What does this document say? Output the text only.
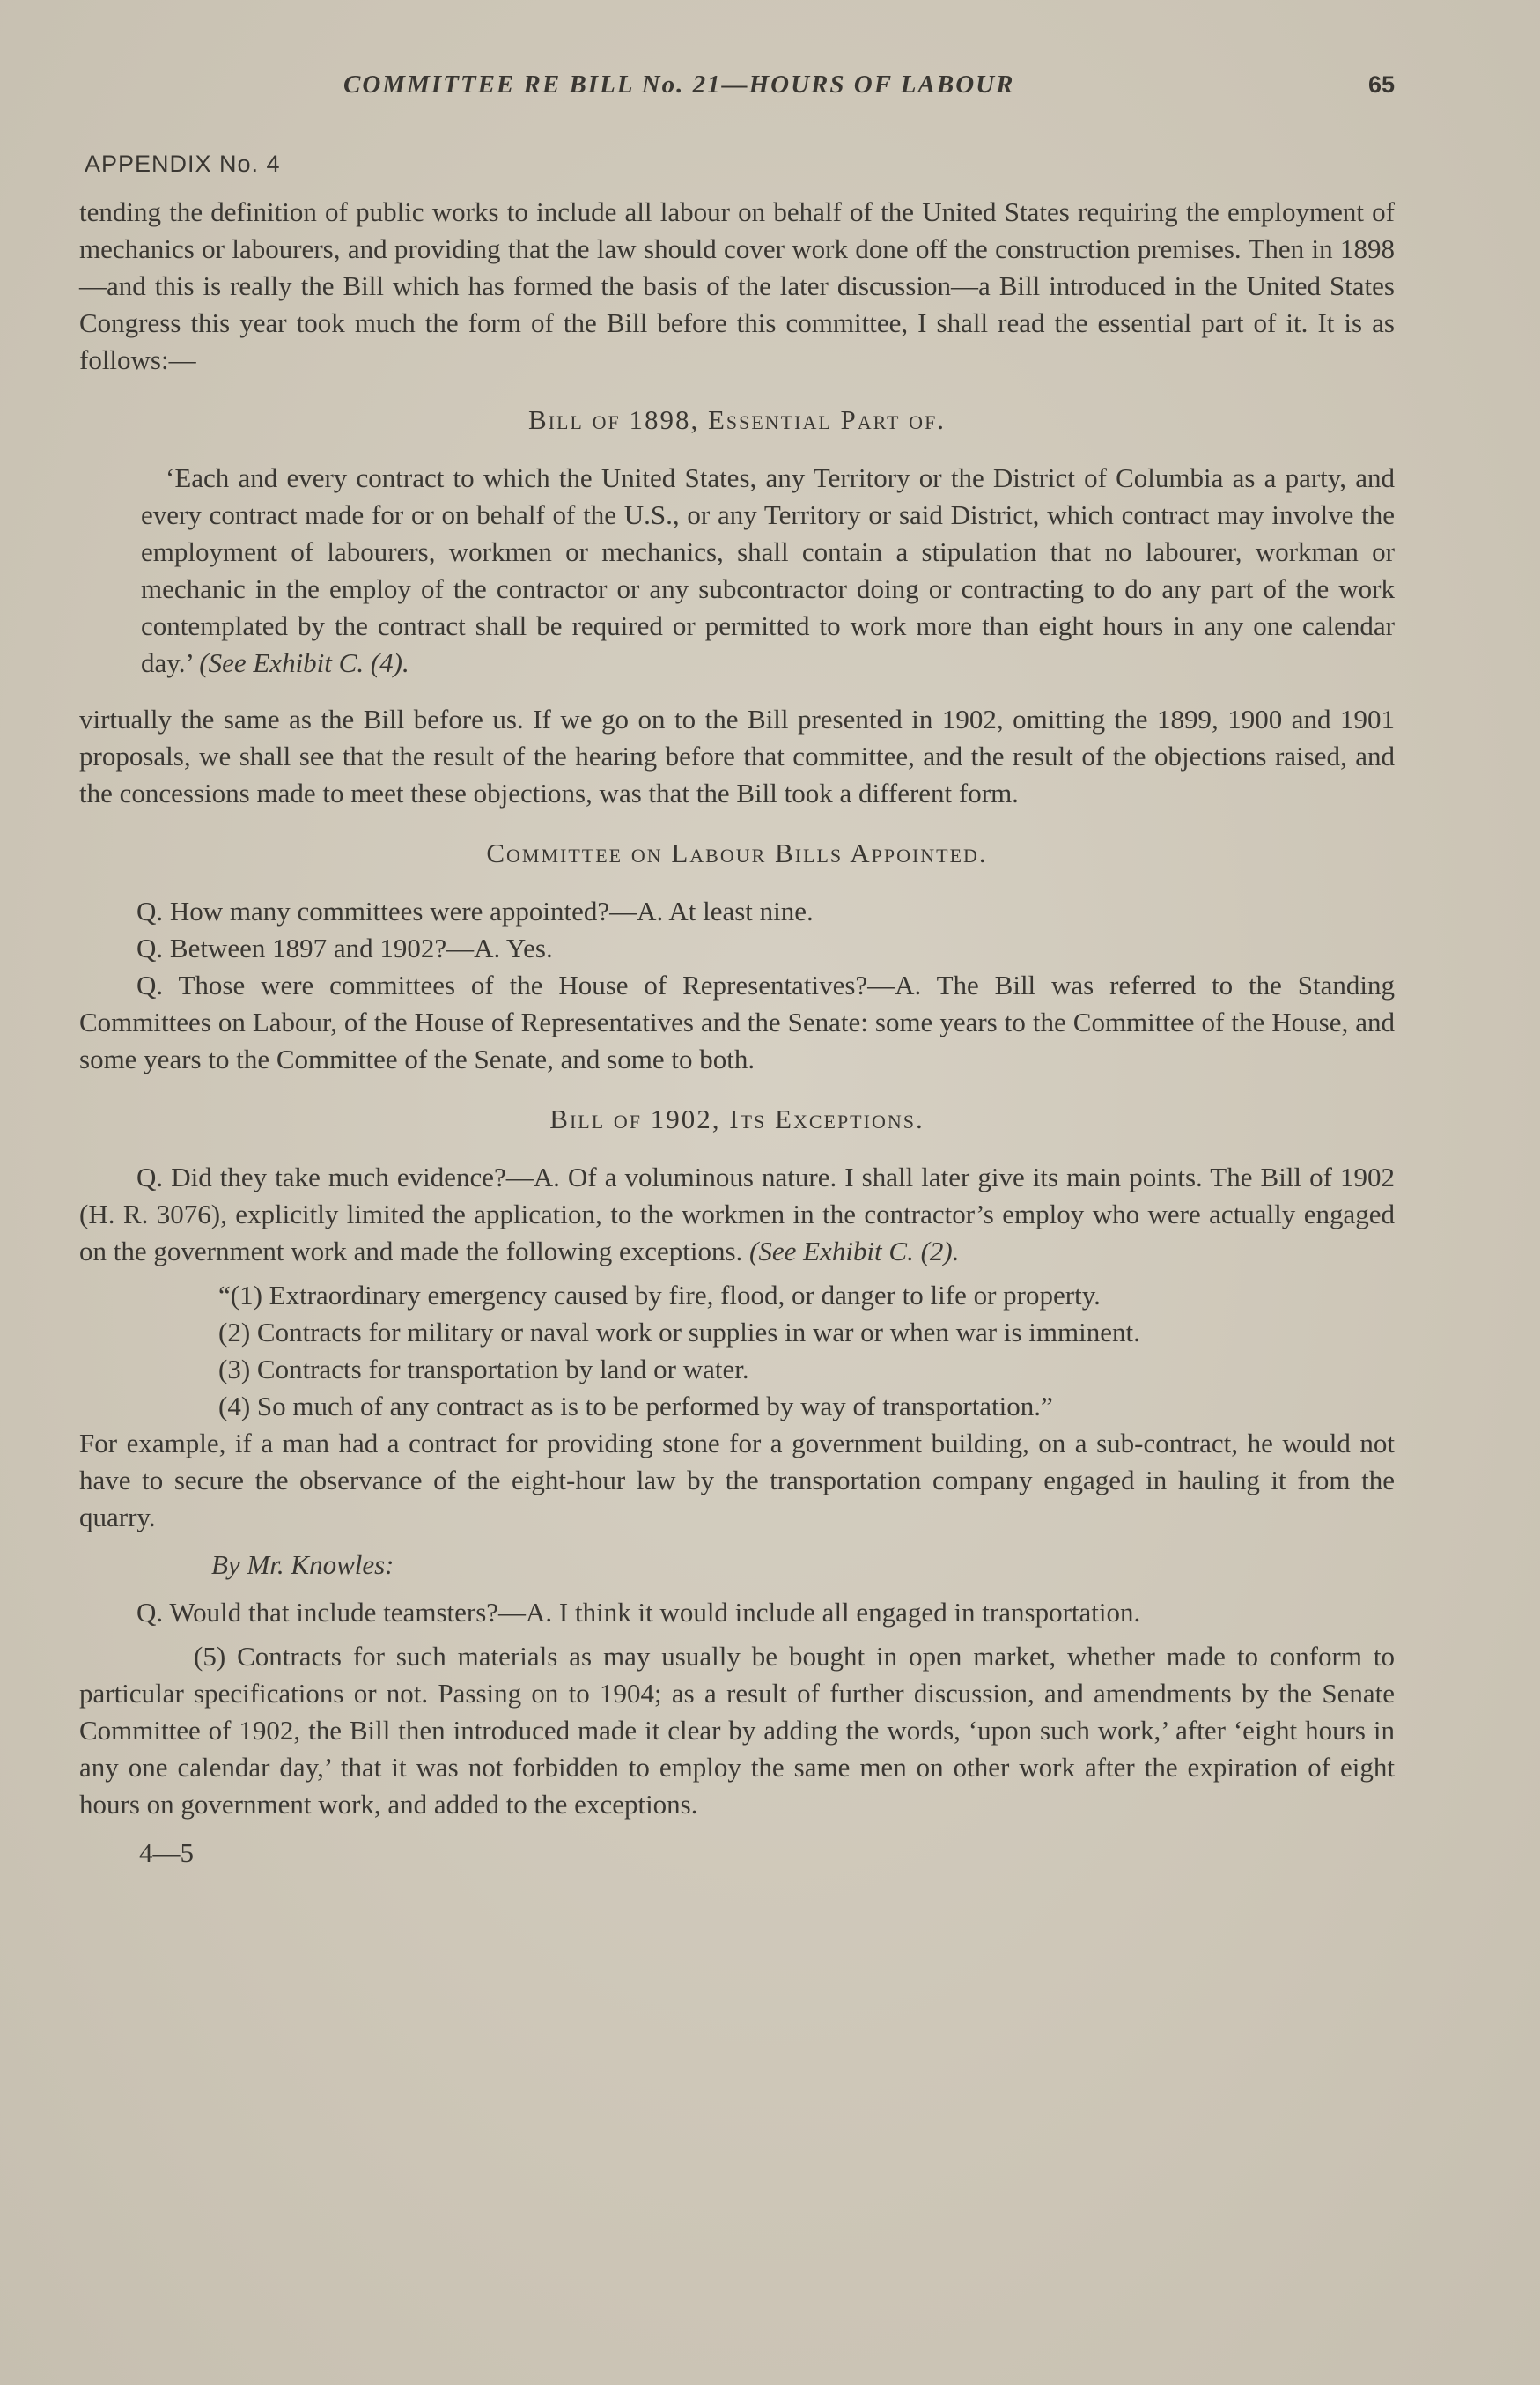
COMMITTEE RE BILL No. 21—HOURS OF LABOUR	65
APPENDIX No. 4

tending the definition of public works to include all labour on behalf of the United States requiring the employment of mechanics or labourers, and providing that the law should cover work done off the construction premises. Then in 1898—and this is really the Bill which has formed the basis of the later discussion—a Bill introduced in the United States Congress this year took much the form of the Bill before this committee, I shall read the essential part of it. It is as follows:—

Bill of 1898, Essential Part of.

‘Each and every contract to which the United States, any Territory or the District of Columbia as a party, and every contract made for or on behalf of the U.S., or any Territory or said District, which contract may involve the employment of labourers, workmen or mechanics, shall contain a stipulation that no labourer, workman or mechanic in the employ of the contractor or any subcontractor doing or contracting to do any part of the work contemplated by the contract shall be required or permitted to work more than eight hours in any one calendar day.’ (See Exhibit C. (4).

virtually the same as the Bill before us. If we go on to the Bill presented in 1902, omitting the 1899, 1900 and 1901 proposals, we shall see that the result of the hearing before that committee, and the result of the objections raised, and the concessions made to meet these objections, was that the Bill took a different form.

Committee on Labour Bills Appointed.

Q. How many committees were appointed?—A. At least nine.

Q. Between 1897 and 1902?—A. Yes.

Q. Those were committees of the House of Representatives?—A. The Bill was referred to the Standing Committees on Labour, of the House of Representatives and the Senate: some years to the Committee of the House, and some years to the Committee of the Senate, and some to both.

Bill of 1902, Its Exceptions.

Q. Did they take much evidence?—A. Of a voluminous nature. I shall later give its main points. The Bill of 1902 (H. R. 3076), explicitly limited the application, to the workmen in the contractor’s employ who were actually engaged on the government work and made the following exceptions. (See Exhibit C. (2).

“(1) Extraordinary emergency caused by fire, flood, or danger to life or property.

(2) Contracts for military or naval work or supplies in war or when war is imminent.

(3) Contracts for transportation by land or water.

(4) So much of any contract as is to be performed by way of transportation.”

For example, if a man had a contract for providing stone for a government building, on a sub-contract, he would not have to secure the observance of the eight-hour law by the transportation company engaged in hauling it from the quarry.

By Mr. Knowles:

Q. Would that include teamsters?—A. I think it would include all engaged in transportation.

(5) Contracts for such materials as may usually be bought in open market, whether made to conform to particular specifications or not. Passing on to 1904; as a result of further discussion, and amendments by the Senate Committee of 1902, the Bill then introduced made it clear by adding the words, ‘upon such work,’ after ‘eight hours in any one calendar day,’ that it was not forbidden to employ the same men on other work after the expiration of eight hours on government work, and added to the exceptions.

4—5
